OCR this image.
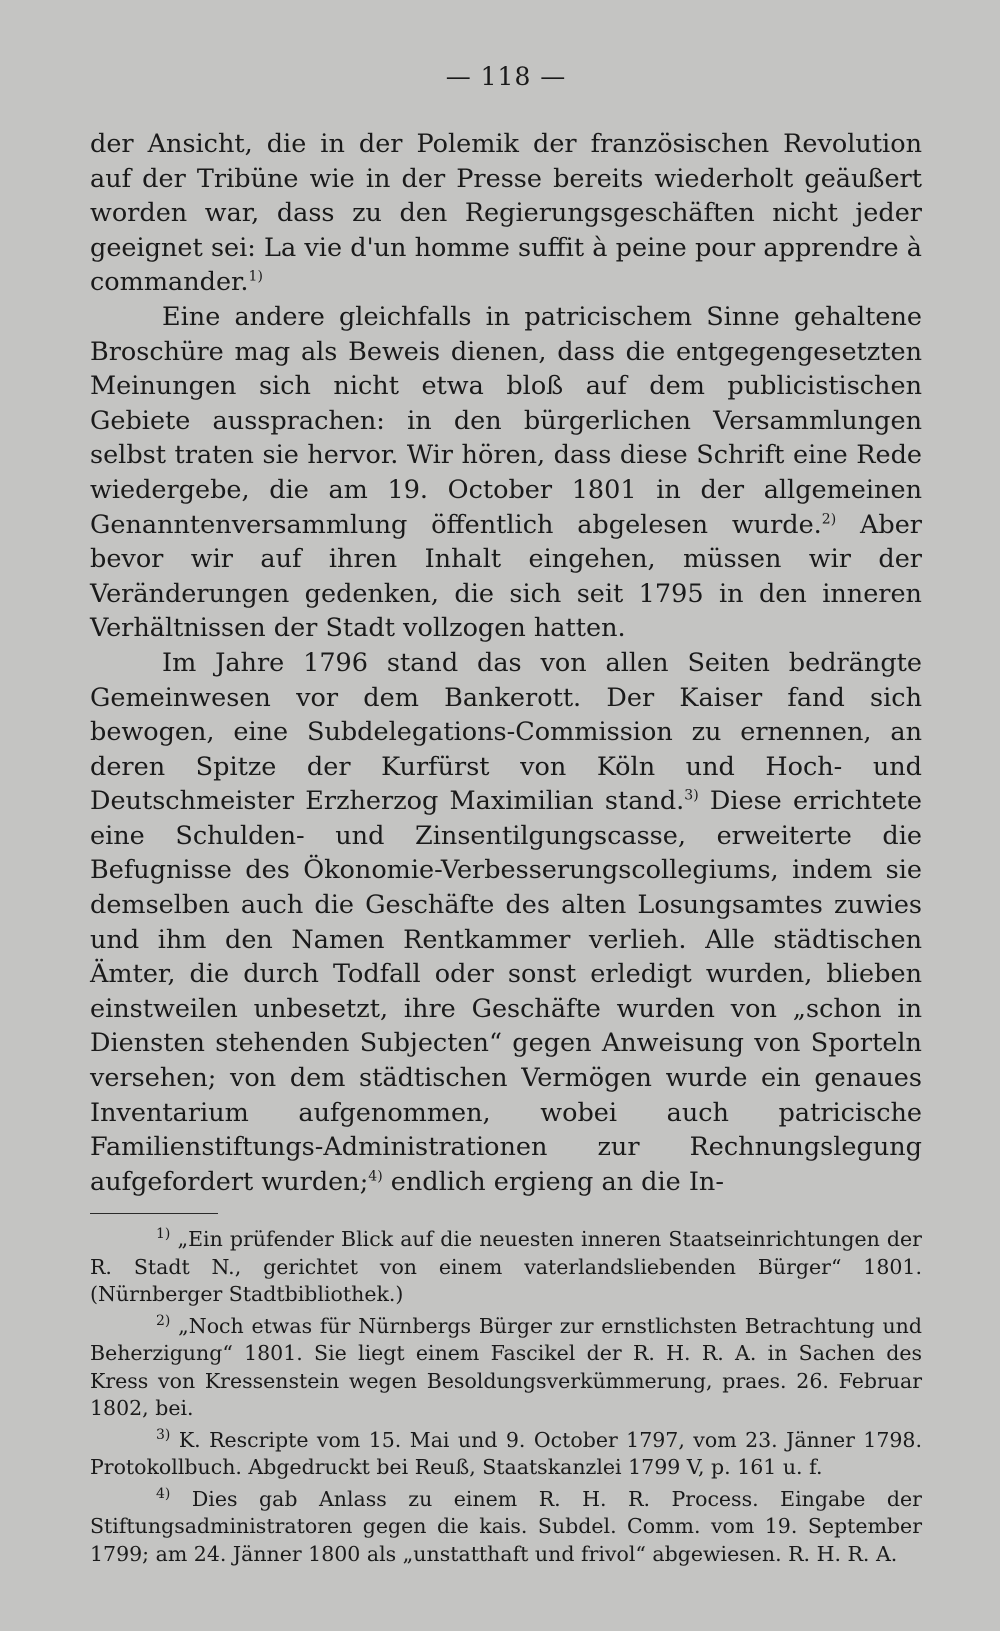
— 118 —

der Ansicht, die in der Polemik der französischen Revolution auf der Tribüne wie in der Presse bereits wiederholt geäußert worden war, dass zu den Regierungsgeschäften nicht jeder geeignet sei: La vie d'un homme suffit à peine pour apprendre à commander.$^{1)}$

Eine andere gleichfalls in patricischem Sinne gehaltene Broschüre mag als Beweis dienen, dass die entgegengesetzten Meinungen sich nicht etwa bloß auf dem publicistischen Gebiete aussprachen: in den bürgerlichen Versammlungen selbst traten sie hervor. Wir hören, dass diese Schrift eine Rede wiedergebe, die am 19. October 1801 in der allgemeinen Genanntenversammlung öffentlich abgelesen wurde.$^{2)}$ Aber bevor wir auf ihren Inhalt eingehen, müssen wir der Veränderungen gedenken, die sich seit 1795 in den inneren Verhältnissen der Stadt vollzogen hatten.

Im Jahre 1796 stand das von allen Seiten bedrängte Gemeinwesen vor dem Bankerott. Der Kaiser fand sich bewogen, eine Subdelegations-Commission zu ernennen, an deren Spitze der Kurfürst von Köln und Hoch- und Deutschmeister Erzherzog Maximilian stand.$^{3)}$ Diese errichtete eine Schulden- und Zinsentilgungscasse, erweiterte die Befugnisse des Ökonomie-Verbesserungscollegiums, indem sie demselben auch die Geschäfte des alten Losungsamtes zuwies und ihm den Namen Rentkammer verlieh. Alle städtischen Ämter, die durch Todfall oder sonst erledigt wurden, blieben einstweilen unbesetzt, ihre Geschäfte wurden von „schon in Diensten stehenden Subjecten“ gegen Anweisung von Sporteln versehen; von dem städtischen Vermögen wurde ein genaues Inventarium aufgenommen, wobei auch patricische Familienstiftungs-Administrationen zur Rechnungslegung aufgefordert wurden;$^{4)}$ endlich ergieng an die In-

$^{1)}$ „Ein prüfender Blick auf die neuesten inneren Staatseinrichtungen der R. Stadt N., gerichtet von einem vaterlandsliebenden Bürger“ 1801. (Nürnberger Stadtbibliothek.)

$^{2)}$ „Noch etwas für Nürnbergs Bürger zur ernstlichsten Betrachtung und Beherzigung“ 1801. Sie liegt einem Fascikel der R. H. R. A. in Sachen des Kress von Kressenstein wegen Besoldungsverkümmerung, praes. 26. Februar 1802, bei.

$^{3)}$ K. Rescripte vom 15. Mai und 9. October 1797, vom 23. Jänner 1798. Protokollbuch. Abgedruckt bei Reuß, Staatskanzlei 1799 V, p. 161 u. f.

$^{4)}$ Dies gab Anlass zu einem R. H. R. Process. Eingabe der Stiftungsadministratoren gegen die kais. Subdel. Comm. vom 19. September 1799; am 24. Jänner 1800 als „unstatthaft und frivol“ abgewiesen. R. H. R. A.
